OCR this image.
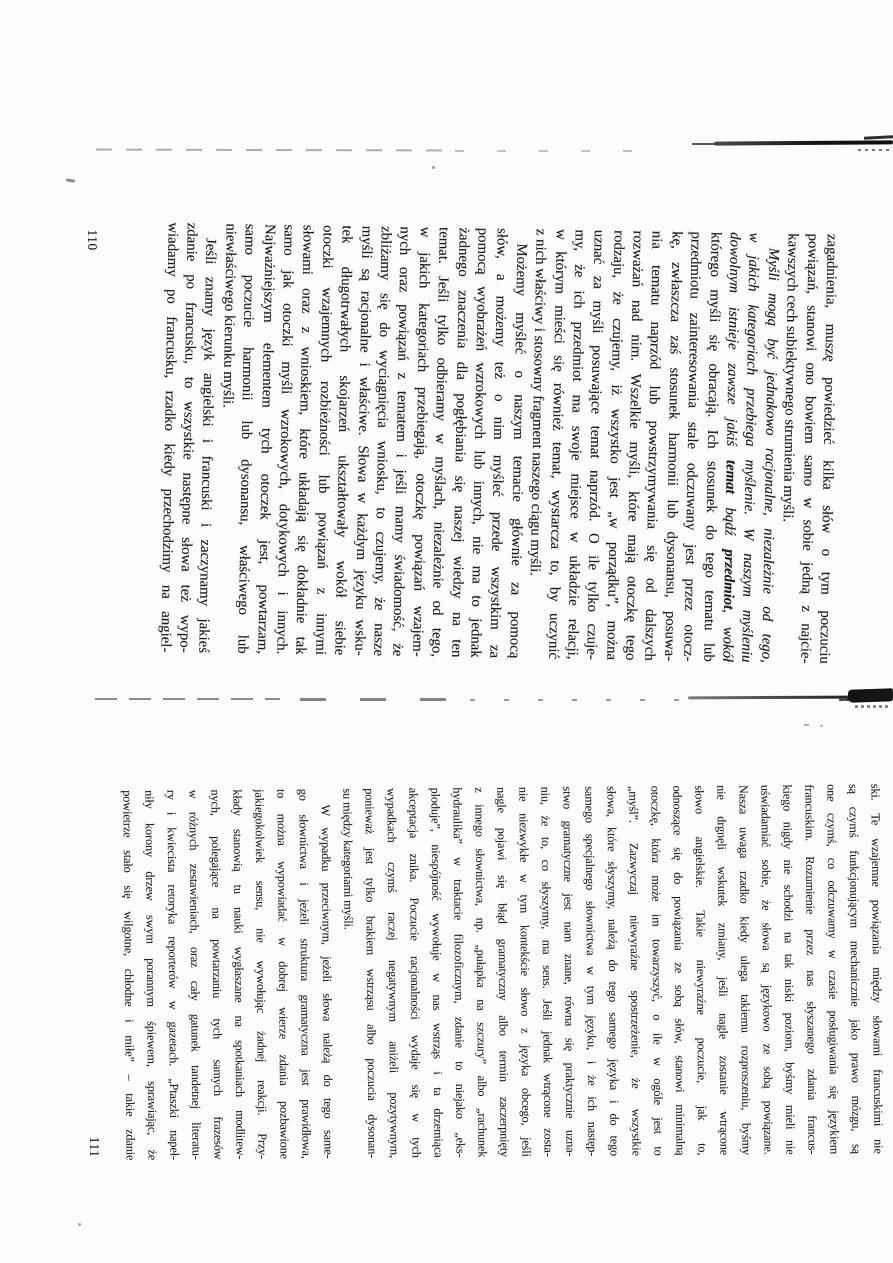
zagadnienia, muszę powiedzieć kilka słów o tym poczuciu
powiązań, stanowi ono bowiem samo w sobie jedną z najcie-
kawszych cech subiektywnego strumienia myśli.
Myśli mogą być jednakowo racjonalne, niezależnie od tego,
w jakich kategoriach przebiega myślenie. W naszym myśleniu
dowolnym istnieje zawsze jakiś temat bądź przedmiot, wokół
którego myśli się obracają. Ich stosunek do tego tematu lub
przedmiotu zainteresowania stale odczuwany jest przez otocz-
kę, zwłaszcza zaś stosunek harmonii lub dysonansu, posuwa-
nia tematu naprzód lub powstrzymywania się od dalszych
rozważań nad nim. Wszelkie myśli, które mają otoczkę tego
rodzaju, że czujemy, iż wszystko jest „w porządku”, można
uznać za myśli posuwające temat naprzód. O ile tylko czuje-
my, że ich przedmiot ma swoje miejsce w układzie relacji,
w którym mieści się również temat, wystarcza to, by uczynić
z nich właściwy i stosowny fragment naszego ciągu myśli.
Możemy myśleć o naszym temacie głównie za pomocą
słów, a możemy też o nim myśleć przede wszystkim za
pomocą wyobrażeń wzrokowych lub innych, nie ma to jednak
żadnego znaczenia dla pogłębiania się naszej wiedzy na ten
temat. Jeśli tylko odbieramy w myślach, niezależnie od tego,
w jakich kategoriach przebiegają, otoczkę powiązań wzajem-
nych oraz powiązań z tematem i jeśli mamy świadomość, że
zbliżamy się do wyciągnięcia wniosku, to czujemy, że nasze
myśli są racjonalne i właściwe. Słowa w każdym języku wsku-
tek długotrwałych skojarzeń ukształtowały wokół siebie
otoczki wzajemnych rozbieżności lub powiązań z innymi
słowami oraz z wnioskiem, które układają się dokładnie tak
samo jak otoczki myśli wzrokowych, dotykowych i innych.
Najważniejszym elementem tych otoczek jest, powtarzam,
samo poczucie harmonii lub dysonansu, właściwego lub
niewłaściwego kierunku myśli.
Jeśli znamy język angielski i francuski i zaczynamy jakieś
zdanie po francusku, to wszystkie następne słowa też wypo-
wiadamy po francusku, rzadko kiedy przechodzimy na angiel-
ski. Te wzajemne powiązania między słowami francuskimi nie
są czymś funkcjonującym mechanicznie jako prawo mózgu, są
one czymś, co odczuwamy w czasie posługiwania się językiem
francuskim. Rozumienie przez nas słyszanego zdania francus-
kiego nigdy nie schodzi na tak niski poziom, byśmy mieli nie
uświadamiać sobie, że słowa są językowo ze sobą powiązane.
Nasza uwaga rzadko kiedy ulega takiemu rozproszeniu, byśmy
nie drgnęli wskutek zmiany, jeśli nagle zostanie wtrącone
słowo angielskie. Takie niewyraźne poczucie, jak to,
odnoszące się do powiązania ze sobą słów, stanowi minimalną
otoczkę, która może im towarzyszyć, o ile w ogóle jest to
„myśl”. Zazwyczaj niewyraźne spostrzeżenie, że wszystkie
słowa, które słyszymy, należą do tego samego języka i do tego
samego specjalnego słownictwa w tym języku, i że ich następ-
stwo gramatyczne jest nam znane, równa się praktycznie uzna-
niu, że to, co słyszymy, ma sens. Jeśli jednak wtrącone zosta-
nie niezwykłe w tym kontekście słowo z języka obcego, jeśli
nagle pojawi się błąd gramatyczny albo termin zaczerpnięty
z innego słownictwa, np. „pułapka na szczury” albo „rachunek
hydraulika” w traktacie filozoficznym, zdanie to niejako „eks-
ploduje”, niespójność wywołuje w nas wstrząs i ta drzemiąca
akceptacja znika. Poczucie racjonalności wydaje się w tych
wypadkach czymś raczej negatywnym aniżeli pozytywnym,
ponieważ jest tylko brakiem wstrząsu albo poczucia dysonan-
su między kategoriami myśli.
W wypadku przeciwnym, jeżeli słowa należą do tego same-
go słownictwa i jeżeli struktura gramatyczna jest prawidłowa,
to można wypowiadać w dobrej wierze zdania pozbawione
jakiegokolwiek sensu, nie wywołując żadnej reakcji. Przy-
kłady stanowią tu nauki wygłaszane na spotkaniach modlitew-
nych, polegające na powtarzaniu tych samych frazesów
w różnych zestawieniach, oraz cały gatunek tandetnej literatu-
ry i kwiecista retoryka reporterów w gazetach. „Ptaszki napeł-
niły korony drzew swym porannym śpiewem, sprawiając, że
powietrze stało się wilgotne, chłodne i miłe” – takie zdanie
110
111
